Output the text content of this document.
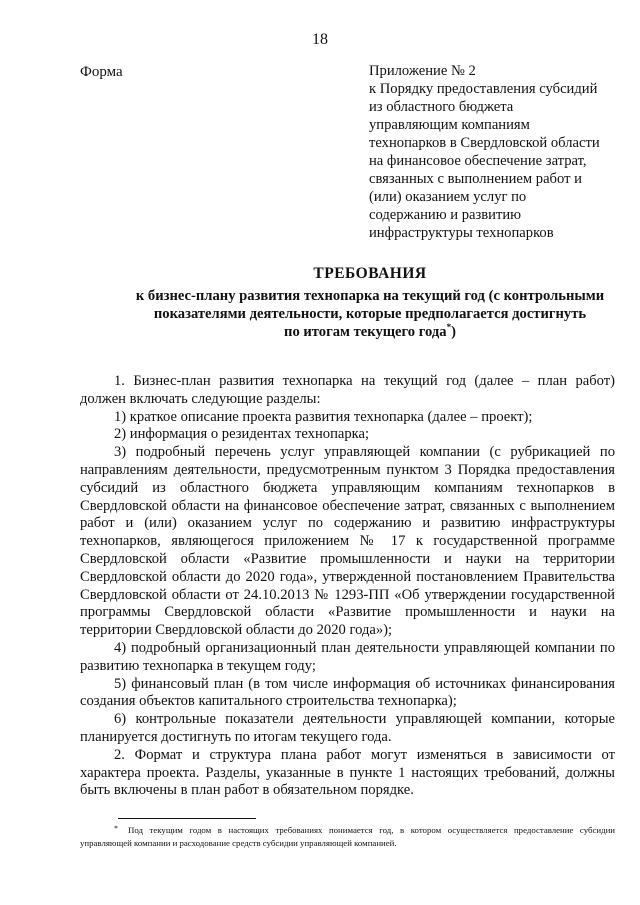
18
Форма	Приложение № 2
к Порядку предоставления субсидий
из областного бюджета
управляющим компаниям
технопарков в Свердловской области
на финансовое обеспечение затрат,
связанных с выполнением работ и
(или) оказанием услуг по
содержанию и развитию
инфраструктуры технопарков
ТРЕБОВАНИЯ
к бизнес-плану развития технопарка на текущий год (с контрольными
показателями деятельности, которые предполагается достигнуть
по итогам текущего года*)

1. Бизнес-план развития технопарка на текущий год (далее – план работ) должен включать следующие разделы:

1) краткое описание проекта развития технопарка (далее – проект);

2) информация о резидентах технопарка;

3) подробный перечень услуг управляющей компании (с рубрикацией по направлениям деятельности, предусмотренным пунктом 3 Порядка предоставления субсидий из областного бюджета управляющим компаниям технопарков в Свердловской области на финансовое обеспечение затрат, связанных с выполнением работ и (или) оказанием услуг по содержанию и развитию инфраструктуры технопарков, являющегося приложением № 17 к государственной программе Свердловской области «Развитие промышленности и науки на территории Свердловской области до 2020 года», утвержденной постановлением Правительства Свердловской области от 24.10.2013 № 1293-ПП «Об утверждении государственной программы Свердловской области «Развитие промышленности и науки на территории Свердловской области до 2020 года»);

4) подробный организационный план деятельности управляющей компании по развитию технопарка в текущем году;

5) финансовый план (в том числе информация об источниках финансирования создания объектов капитального строительства технопарка);

6) контрольные показатели деятельности управляющей компании, которые планируется достигнуть по итогам текущего года.

2. Формат и структура плана работ могут изменяться в зависимости от характера проекта. Разделы, указанные в пункте 1 настоящих требований, должны быть включены в план работ в обязательном порядке.

*	Под текущим годом в настоящих требованиях понимается год, в котором осуществляется предоставление субсидии управляющей компании и расходование средств субсидии управляющей компанией.
